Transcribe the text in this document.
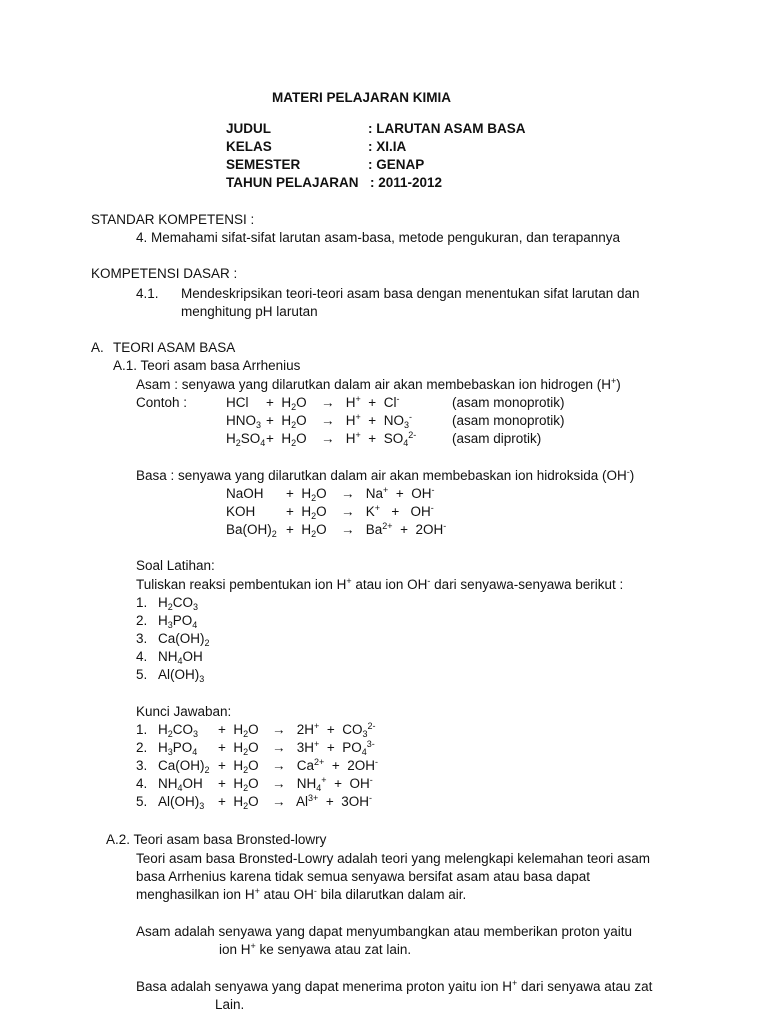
MATERI PELAJARAN KIMIA
JUDUL	: LARUTAN ASAM BASA
KELAS	: XI.IA
SEMESTER	: GENAP
TAHUN PELAJARAN : 2011-2012
STANDAR KOMPETENSI :
4. Memahami sifat-sifat larutan asam-basa, metode pengukuran, dan terapannya
KOMPETENSI DASAR :
4.1. Mendeskripsikan teori-teori asam basa dengan menentukan sifat larutan dan
menghitung pH larutan
A. TEORI ASAM BASA
A.1. Teori asam basa Arrhenius
Asam : senyawa yang dilarutkan dalam air akan membebaskan ion hidrogen (H+)
Contoh :	HCl + $H_2O \to H^+ + Cl^-$	(asam monoprotik)
$HNO_3 + H_2O \to H^+ + NO_3^-$	(asam monoprotik)
$H_2SO_4 + H_2O \to H^+ + SO_4^{2-}$	(asam diprotik)
Basa : senyawa yang dilarutkan dalam air akan membebaskan ion hidroksida (OH-)
NaOH + $H_2O \to Na^+ + OH^-$
KOH + $H_2O \to K^+ + OH^-$
$Ba(OH)_2 + H_2O \to Ba^{2+} + 2OH^-$
Soal Latihan:
Tuliskan reaksi pembentukan ion H+ atau ion OH- dari senyawa-senyawa berikut :
1. $H_2CO_3$
2. $H_3PO_4$
3. $Ca(OH)_2$
4. $NH_4OH$
5. $Al(OH)_3$
Kunci Jawaban:
1. $H_2CO_3 + H_2O \to 2H^+ + CO_3^{2-}$
2. $H_3PO_4 + H_2O \to 3H^+ + PO_4^{3-}$
3. $Ca(OH)_2 + H_2O \to Ca^{2+} + 2OH^-$
4. $NH_4OH + H_2O \to NH_4^+ + OH^-$
5. $Al(OH)_3 + H_2O \to Al^{3+} + 3OH^-$
A.2. Teori asam basa Bronsted-lowry
Teori asam basa Bronsted-Lowry adalah teori yang melengkapi kelemahan teori asam
basa Arrhenius karena tidak semua senyawa bersifat asam atau basa dapat
menghasilkan ion H+ atau OH- bila dilarutkan dalam air.
Asam adalah senyawa yang dapat menyumbangkan atau memberikan proton yaitu
ion H+ ke senyawa atau zat lain.
Basa adalah senyawa yang dapat menerima proton yaitu ion H+ dari senyawa atau zat
Lain.
